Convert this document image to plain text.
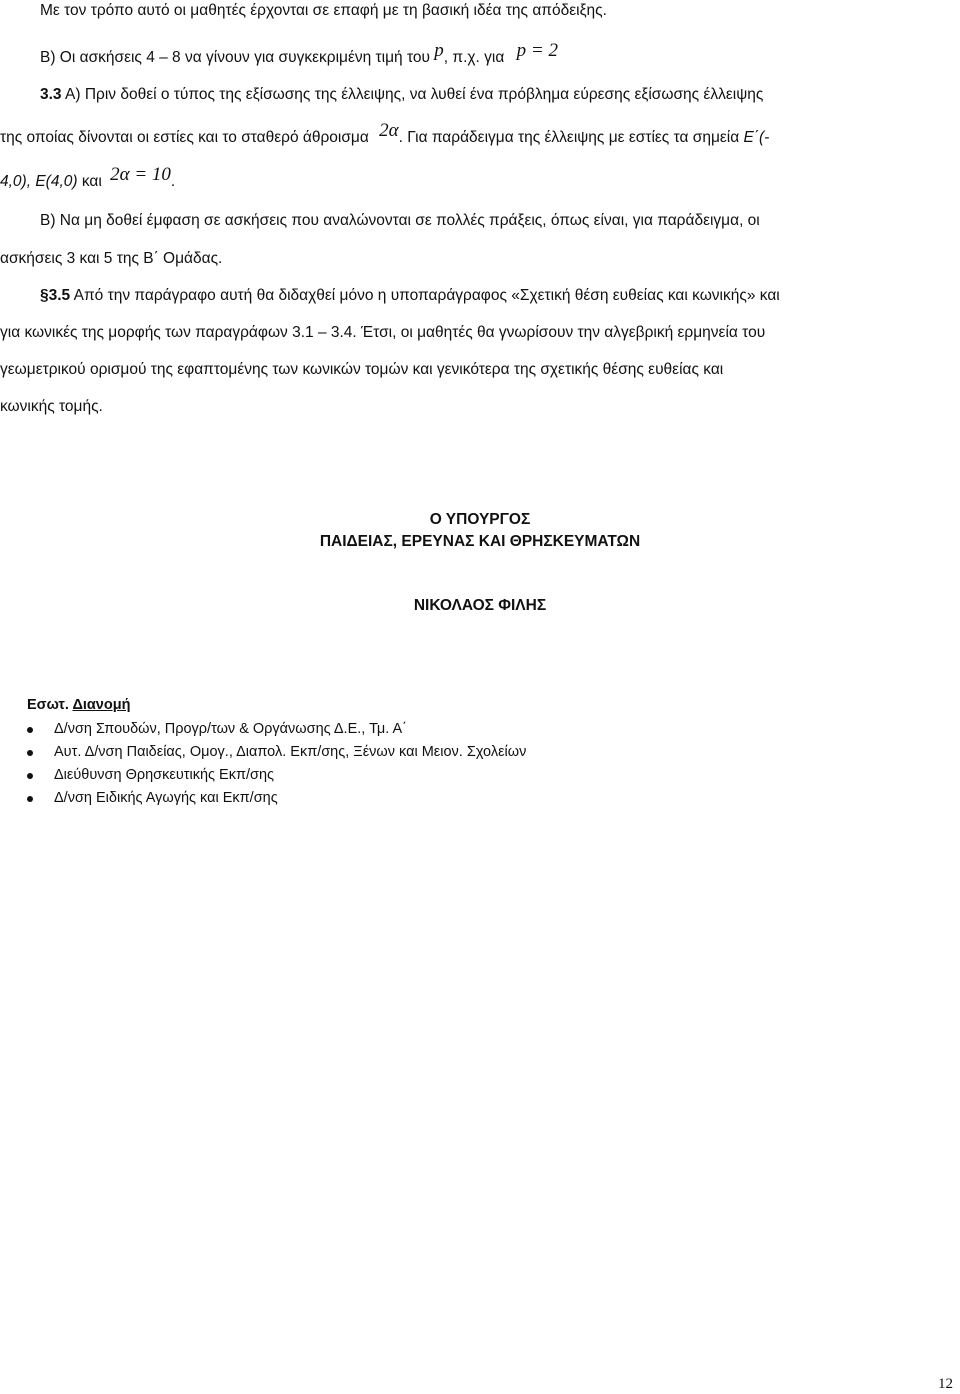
Με τον τρόπο αυτό οι μαθητές έρχονται σε επαφή με τη βασική ιδέα της απόδειξης.
Β) Οι ασκήσεις 4 – 8 να γίνουν για συγκεκριμένη τιμή του p, π.χ. για p = 2
3.3 Α) Πριν δοθεί ο τύπος της εξίσωσης της έλλειψης, να λυθεί ένα πρόβλημα εύρεσης εξίσωσης έλλειψης
της οποίας δίνονται οι εστίες και το σταθερό άθροισμα 2α. Για παράδειγμα της έλλειψης με εστίες τα σημεία Ε΄(-
4,0), Ε(4,0) και 2α = 10.
Β) Να μη δοθεί έμφαση σε ασκήσεις που αναλώνονται σε πολλές πράξεις, όπως είναι, για παράδειγμα, οι
ασκήσεις 3 και 5 της Β΄ Ομάδας.
§3.5 Από την παράγραφο αυτή θα διδαχθεί μόνο η υποπαράγραφος «Σχετική θέση ευθείας και κωνικής» και
για κωνικές της μορφής των παραγράφων 3.1 – 3.4. Έτσι, οι μαθητές θα γνωρίσουν την αλγεβρική ερμηνεία του
γεωμετρικού ορισμού της εφαπτομένης των κωνικών τομών και γενικότερα της σχετικής θέσης ευθείας και
κωνικής τομής.
Ο ΥΠΟΥΡΓΟΣ
ΠΑΙΔΕΙΑΣ, ΕΡΕΥΝΑΣ ΚΑΙ ΘΡΗΣΚΕΥΜΑΤΩΝ
ΝΙΚΟΛΑΟΣ ΦΙΛΗΣ
Εσωτ. Διανομή
Δ/νση Σπουδών, Προγρ/των & Οργάνωσης Δ.Ε., Τμ. Α΄
Αυτ. Δ/νση Παιδείας, Ομογ., Διαπολ. Εκπ/σης, Ξένων και Μειον. Σχολείων
Διεύθυνση Θρησκευτικής Εκπ/σης
Δ/νση Ειδικής Αγωγής και Εκπ/σης
12
